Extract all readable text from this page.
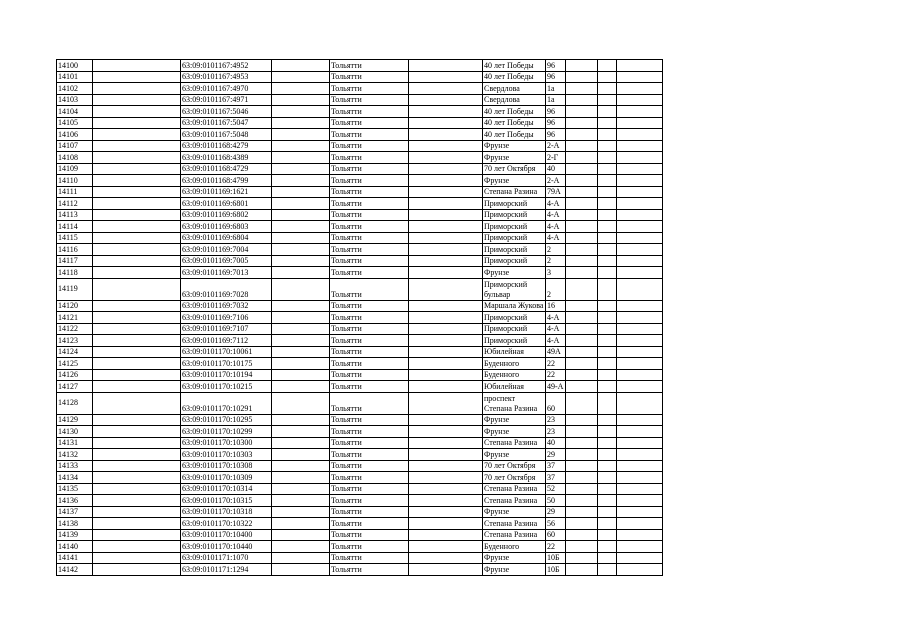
14100		63:09:0101167:4952		Тольятти		40 лет Победы	96			
14101		63:09:0101167:4953		Тольятти		40 лет Победы	96			
14102		63:09:0101167:4970		Тольятти		Свердлова	1а			
14103		63:09:0101167:4971		Тольятти		Свердлова	1а			
14104		63:09:0101167:5046		Тольятти		40 лет Победы	96			
14105		63:09:0101167:5047		Тольятти		40 лет Победы	96			
14106		63:09:0101167:5048		Тольятти		40 лет Победы	96			
14107		63:09:0101168:4279		Тольятти		Фрунзе	2-А			
14108		63:09:0101168:4389		Тольятти		Фрунзе	2-Г			
14109		63:09:0101168:4729		Тольятти		70 лет Октября	40			
14110		63:09:0101168:4799		Тольятти		Фрунзе	2-А			
14111		63:09:0101169:1621		Тольятти		Степана Разина	79А			
14112		63:09:0101169:6801		Тольятти		Приморский	4-А			
14113		63:09:0101169:6802		Тольятти		Приморский	4-А			
14114		63:09:0101169:6803		Тольятти		Приморский	4-А			
14115		63:09:0101169:6804		Тольятти		Приморский	4-А			
14116		63:09:0101169:7004		Тольятти		Приморский	2			
14117		63:09:0101169:7005		Тольятти		Приморский	2			
14118		63:09:0101169:7013		Тольятти		Фрунзе	3			
14119		63:09:0101169:7028		Тольятти		Приморский бульвар	2			
14120		63:09:0101169:7032		Тольятти		Маршала Жукова	16			
14121		63:09:0101169:7106		Тольятти		Приморский	4-А			
14122		63:09:0101169:7107		Тольятти		Приморский	4-А			
14123		63:09:0101169:7112		Тольятти		Приморский	4-А			
14124		63:09:0101170:10061		Тольятти		Юбилейная	49А			
14125		63:09:0101170:10175		Тольятти		Буденного	22			
14126		63:09:0101170:10194		Тольятти		Буденного	22			
14127		63:09:0101170:10215		Тольятти		Юбилейная	49-А			
14128		63:09:0101170:10291		Тольятти		проспект Степана Разина	60			
14129		63:09:0101170:10295		Тольятти		Фрунзе	23			
14130		63:09:0101170:10299		Тольятти		Фрунзе	23			
14131		63:09:0101170:10300		Тольятти		Степана Разина	40			
14132		63:09:0101170:10303		Тольятти		Фрунзе	29			
14133		63:09:0101170:10308		Тольятти		70 лет Октября	37			
14134		63:09:0101170:10309		Тольятти		70 лет Октября	37			
14135		63:09:0101170:10314		Тольятти		Степана Разина	52			
14136		63:09:0101170:10315		Тольятти		Степана Разина	50			
14137		63:09:0101170:10318		Тольятти		Фрунзе	29			
14138		63:09:0101170:10322		Тольятти		Степана Разина	56			
14139		63:09:0101170:10400		Тольятти		Степана Разина	60			
14140		63:09:0101170:10440		Тольятти		Буденного	22			
14141		63:09:0101171:1070		Тольятти		Фрунзе	10Б			
14142		63:09:0101171:1294		Тольятти		Фрунзе	10Б			
